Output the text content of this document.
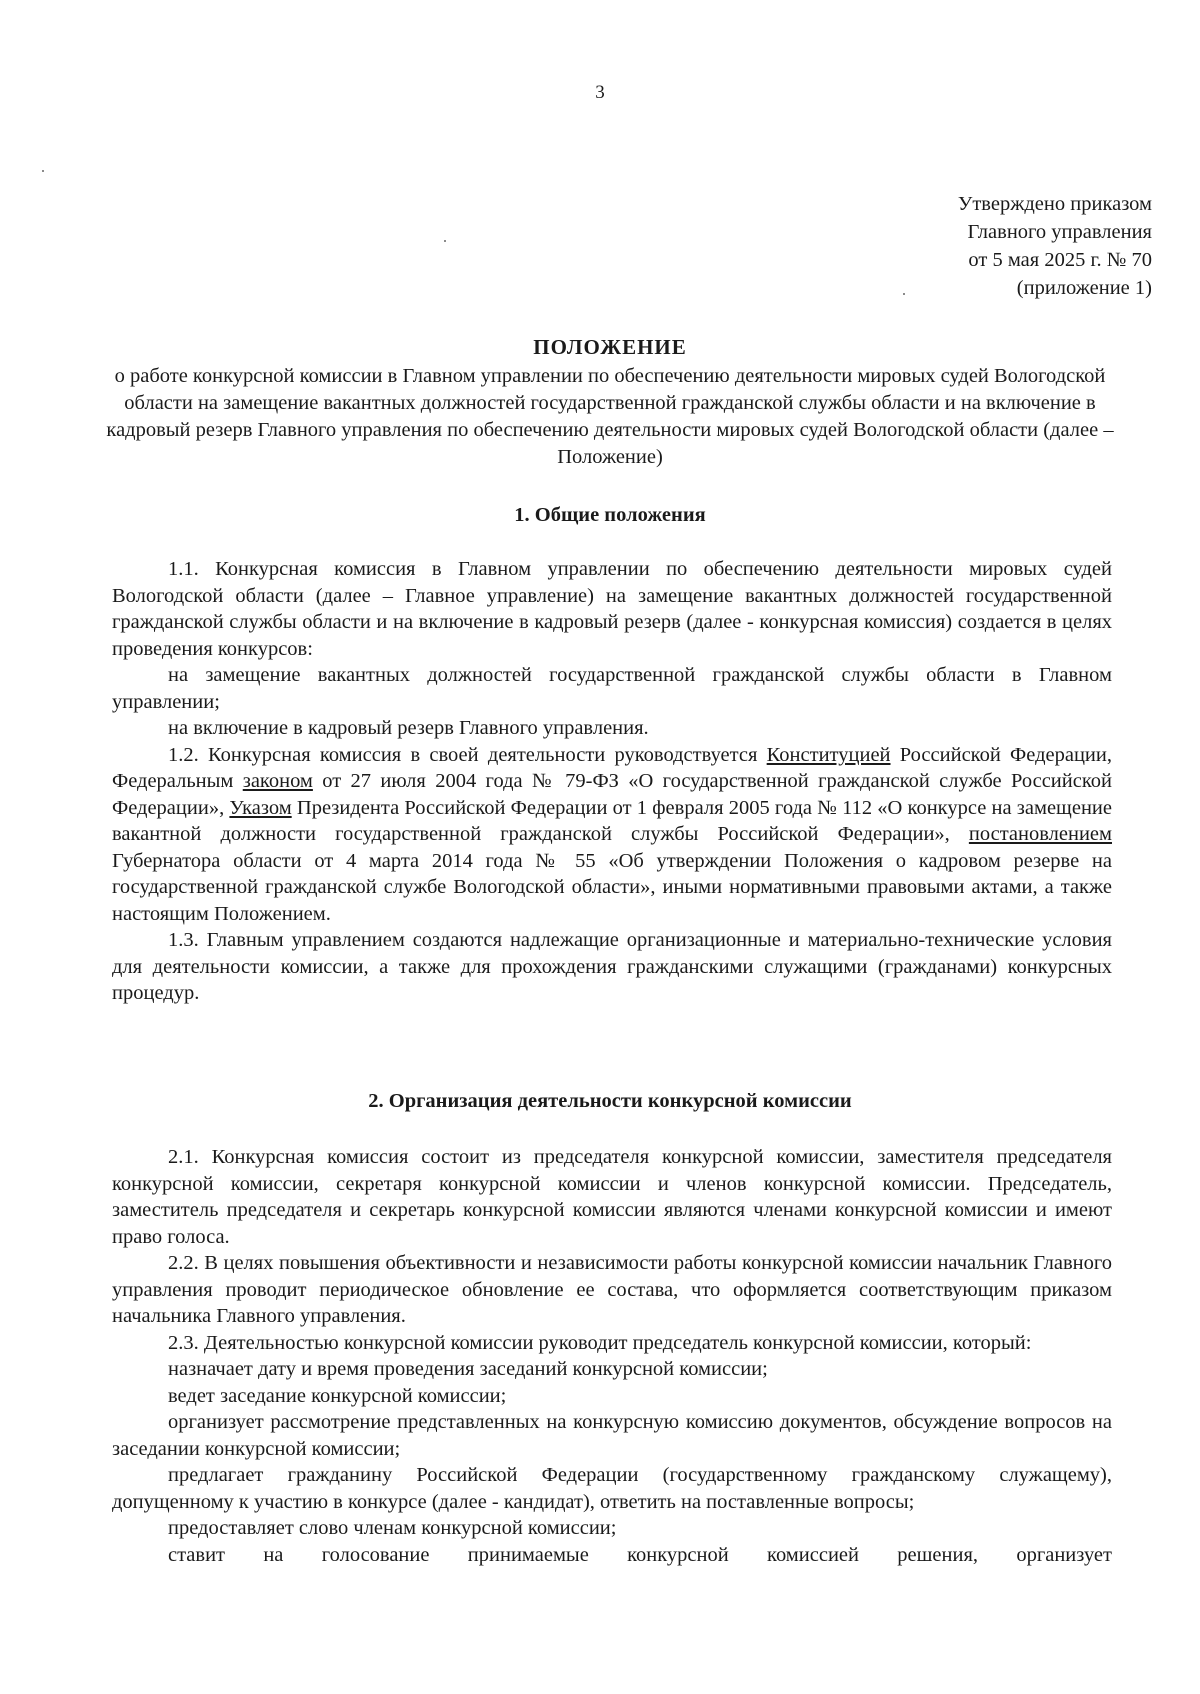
3
Утверждено приказом
Главного управления
от 5 мая 2025 г. № 70
(приложение 1)
ПОЛОЖЕНИЕ
о работе конкурсной комиссии в Главном управлении по обеспечению деятельности мировых судей Вологодской области на замещение вакантных должностей государственной гражданской службы области и на включение в кадровый резерв Главного управления по обеспечению деятельности мировых судей Вологодской области (далее – Положение)
1. Общие положения

1.1. Конкурсная комиссия в Главном управлении по обеспечению деятельности мировых судей Вологодской области (далее – Главное управление) на замещение вакантных должностей государственной гражданской службы области и на включение в кадровый резерв (далее - конкурсная комиссия) создается в целях проведения конкурсов:

на замещение вакантных должностей государственной гражданской службы области в Главном управлении;

на включение в кадровый резерв Главного управления.

1.2. Конкурсная комиссия в своей деятельности руководствуется Конституцией Российской Федерации, Федеральным законом от 27 июля 2004 года № 79-ФЗ «О государственной гражданской службе Российской Федерации», Указом Президента Российской Федерации от 1 февраля 2005 года № 112 «О конкурсе на замещение вакантной должности государственной гражданской службы Российской Федерации», постановлением Губернатора области от 4 марта 2014 года № 55 «Об утверждении Положения о кадровом резерве на государственной гражданской службе Вологодской области», иными нормативными правовыми актами, а также настоящим Положением.

1.3. Главным управлением создаются надлежащие организационные и материально-технические условия для деятельности комиссии, а также для прохождения гражданскими служащими (гражданами) конкурсных процедур.

2. Организация деятельности конкурсной комиссии

2.1. Конкурсная комиссия состоит из председателя конкурсной комиссии, заместителя председателя конкурсной комиссии, секретаря конкурсной комиссии и членов конкурсной комиссии. Председатель, заместитель председателя и секретарь конкурсной комиссии являются членами конкурсной комиссии и имеют право голоса.

2.2. В целях повышения объективности и независимости работы конкурсной комиссии начальник Главного управления проводит периодическое обновление ее состава, что оформляется соответствующим приказом начальника Главного управления.

2.3. Деятельностью конкурсной комиссии руководит председатель конкурсной комиссии, который:

назначает дату и время проведения заседаний конкурсной комиссии;

ведет заседание конкурсной комиссии;

организует рассмотрение представленных на конкурсную комиссию документов, обсуждение вопросов на заседании конкурсной комиссии;

предлагает гражданину Российской Федерации (государственному гражданскому служащему), допущенному к участию в конкурсе (далее - кандидат), ответить на поставленные вопросы;

предоставляет слово членам конкурсной комиссии;

ставит на голосование принимаемые конкурсной комиссией решения, организует
